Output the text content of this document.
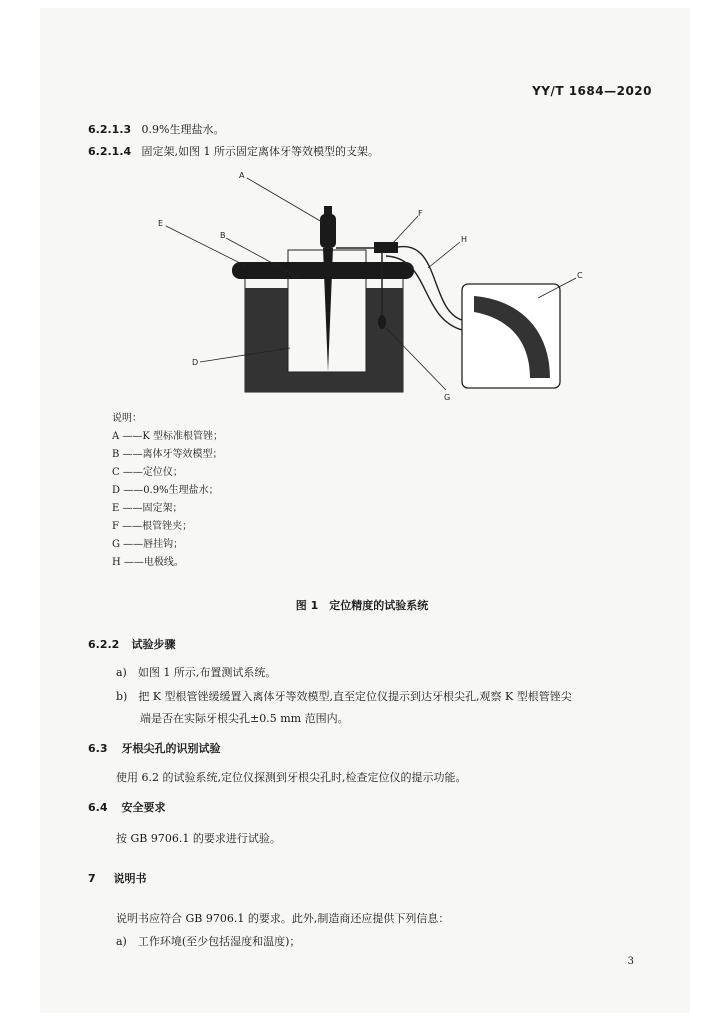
YY/T 1684—2020
6.2.1.3 0.9%生理盐水。
6.2.1.4 固定架,如图 1 所示固定离体牙等效模型的支架。
A
E
B
F
H
C
D
G
说明：
A ——K 型标准根管锉；
B ——离体牙等效模型；
C ——定位仪；
D ——0.9%生理盐水；
E ——固定架；
F ——根管锉夹；
G ——唇挂钩；
H ——电极线。
图 1　定位精度的试验系统
6.2.2 试验步骤
a)　如图 1 所示,布置测试系统。
b)　把 K 型根管锉缓缓置入离体牙等效模型,直至定位仪提示到达牙根尖孔,观察 K 型根管锉尖
端是否在实际牙根尖孔±0.5 mm 范围内。
6.3 牙根尖孔的识别试验
使用 6.2 的试验系统,定位仪探测到牙根尖孔时,检查定位仪的提示功能。
6.4 安全要求
按 GB 9706.1 的要求进行试验。
7 说明书
说明书应符合 GB 9706.1 的要求。此外,制造商还应提供下列信息：
a)　工作环境(至少包括湿度和温度)；
3
